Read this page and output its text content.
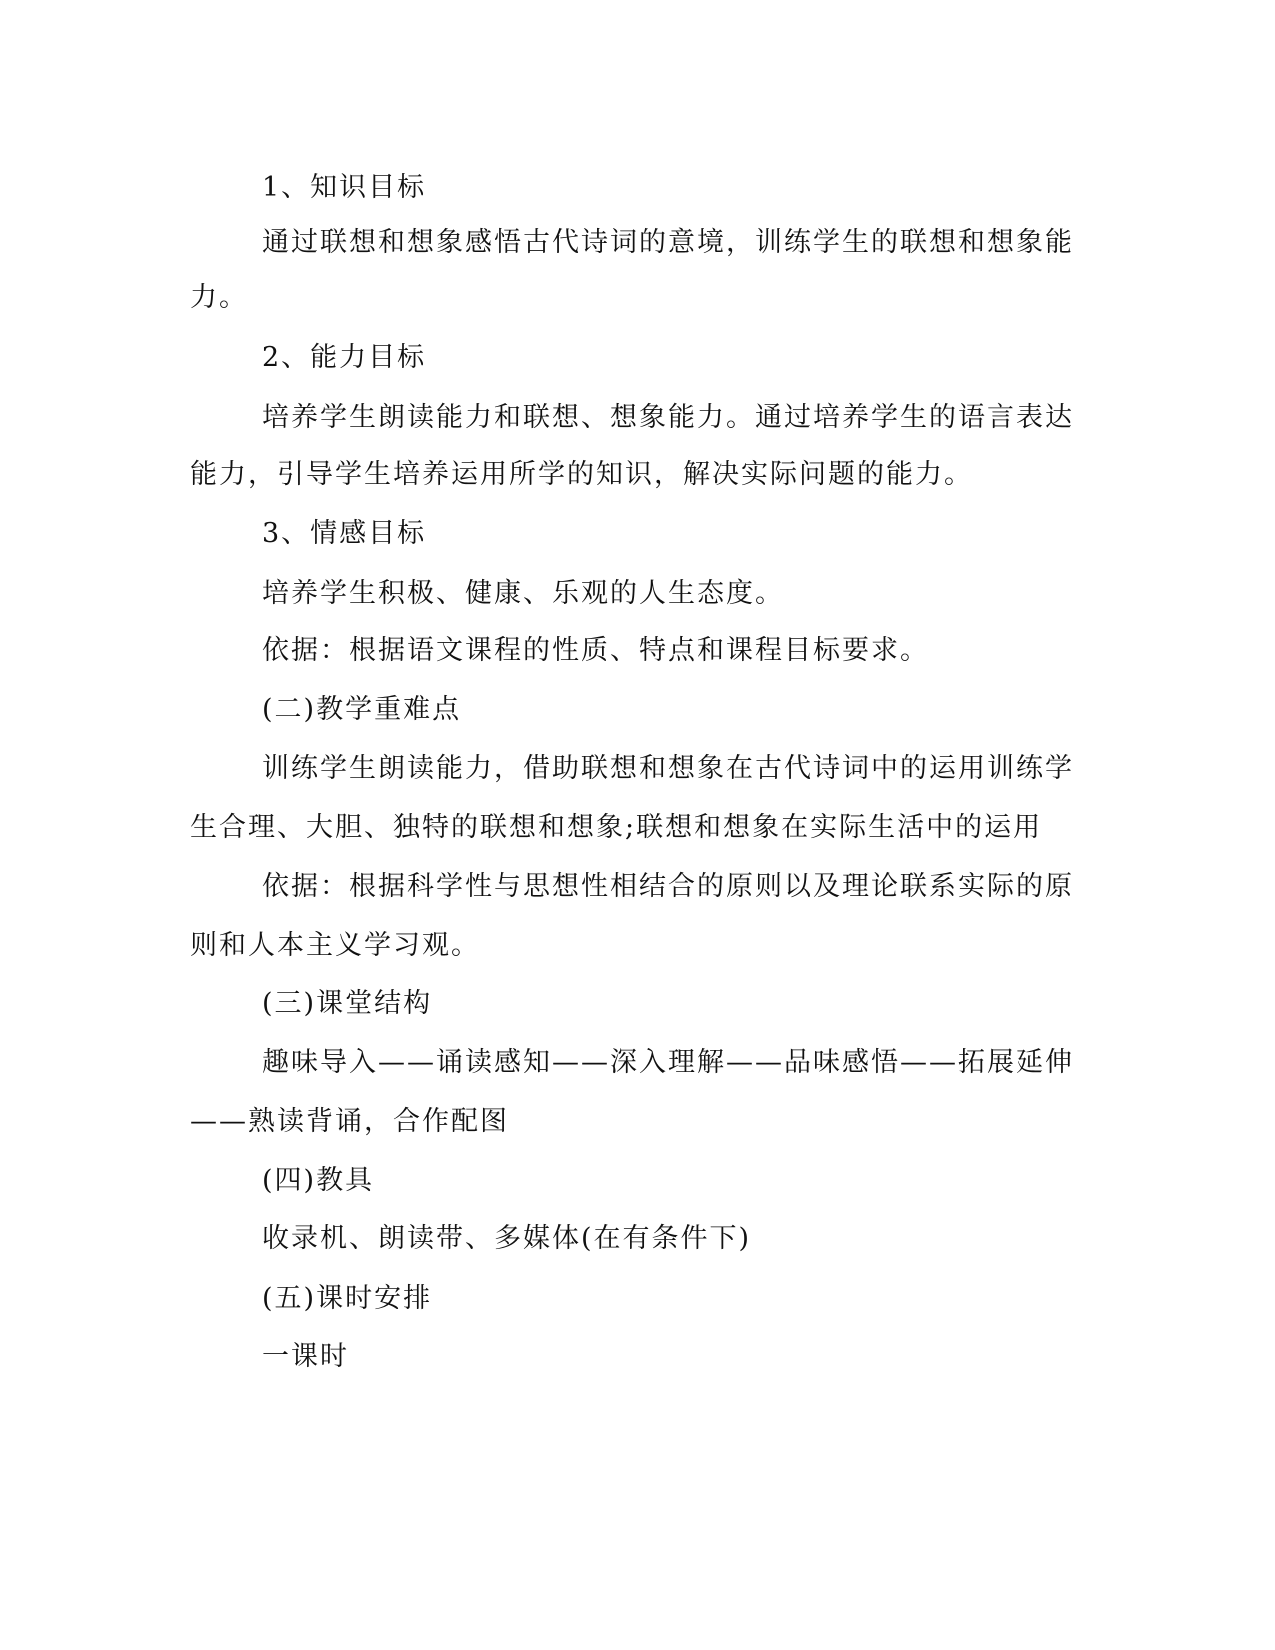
1、知识目标
通过联想和想象感悟古代诗词的意境，训练学生的联想和想象能
力。
2、能力目标
培养学生朗读能力和联想、想象能力。通过培养学生的语言表达
能力，引导学生培养运用所学的知识，解决实际问题的能力。
3、情感目标
培养学生积极、健康、乐观的人生态度。
依据：根据语文课程的性质、特点和课程目标要求。
(二)教学重难点
训练学生朗读能力，借助联想和想象在古代诗词中的运用训练学
生合理、大胆、独特的联想和想象;联想和想象在实际生活中的运用
依据：根据科学性与思想性相结合的原则以及理论联系实际的原
则和人本主义学习观。
(三)课堂结构
趣味导入——诵读感知——深入理解——品味感悟——拓展延伸
——熟读背诵，合作配图
(四)教具
收录机、朗读带、多媒体(在有条件下)
(五)课时安排
一课时
